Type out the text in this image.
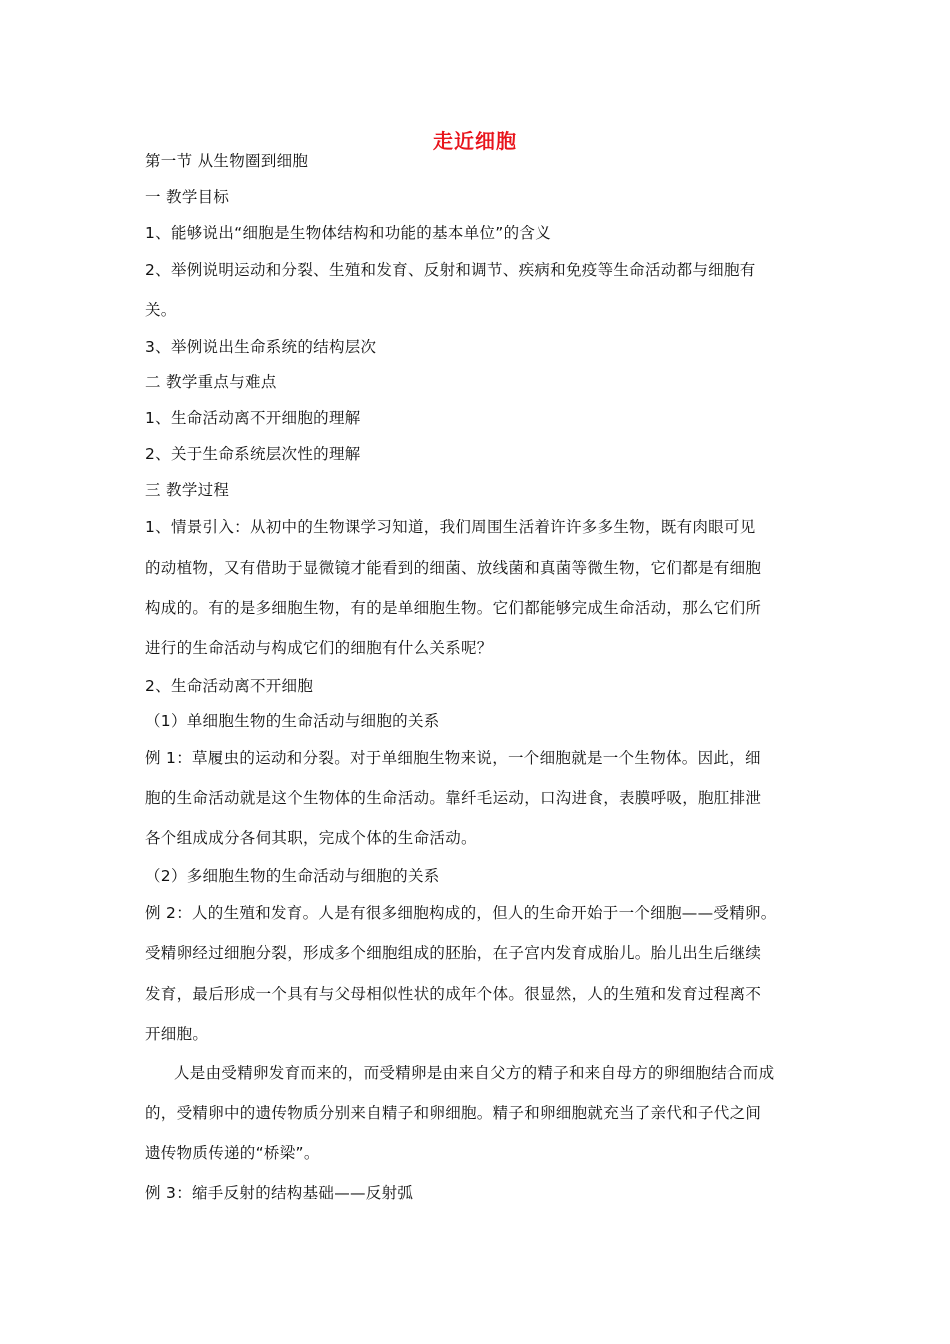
走近细胞
第一节 从生物圈到细胞
一 教学目标
1、能够说出“细胞是生物体结构和功能的基本单位”的含义
2、举例说明运动和分裂、生殖和发育、反射和调节、疾病和免疫等生命活动都与细胞有
关。
3、举例说出生命系统的结构层次
二 教学重点与难点
1、生命活动离不开细胞的理解
2、关于生命系统层次性的理解
三 教学过程
1、情景引入：从初中的生物课学习知道，我们周围生活着许许多多生物，既有肉眼可见
的动植物，又有借助于显微镜才能看到的细菌、放线菌和真菌等微生物，它们都是有细胞
构成的。有的是多细胞生物，有的是单细胞生物。它们都能够完成生命活动，那么它们所
进行的生命活动与构成它们的细胞有什么关系呢？
2、生命活动离不开细胞
（1）单细胞生物的生命活动与细胞的关系
例 1：草履虫的运动和分裂。对于单细胞生物来说，一个细胞就是一个生物体。因此，细
胞的生命活动就是这个生物体的生命活动。靠纤毛运动，口沟进食，表膜呼吸，胞肛排泄
各个组成成分各伺其职，完成个体的生命活动。
（2）多细胞生物的生命活动与细胞的关系
例 2：人的生殖和发育。人是有很多细胞构成的，但人的生命开始于一个细胞——受精卵。
受精卵经过细胞分裂，形成多个细胞组成的胚胎，在子宫内发育成胎儿。胎儿出生后继续
发育，最后形成一个具有与父母相似性状的成年个体。很显然，人的生殖和发育过程离不
开细胞。
人是由受精卵发育而来的，而受精卵是由来自父方的精子和来自母方的卵细胞结合而成
的，受精卵中的遗传物质分别来自精子和卵细胞。精子和卵细胞就充当了亲代和子代之间
遗传物质传递的“桥梁”。
例 3：缩手反射的结构基础——反射弧
